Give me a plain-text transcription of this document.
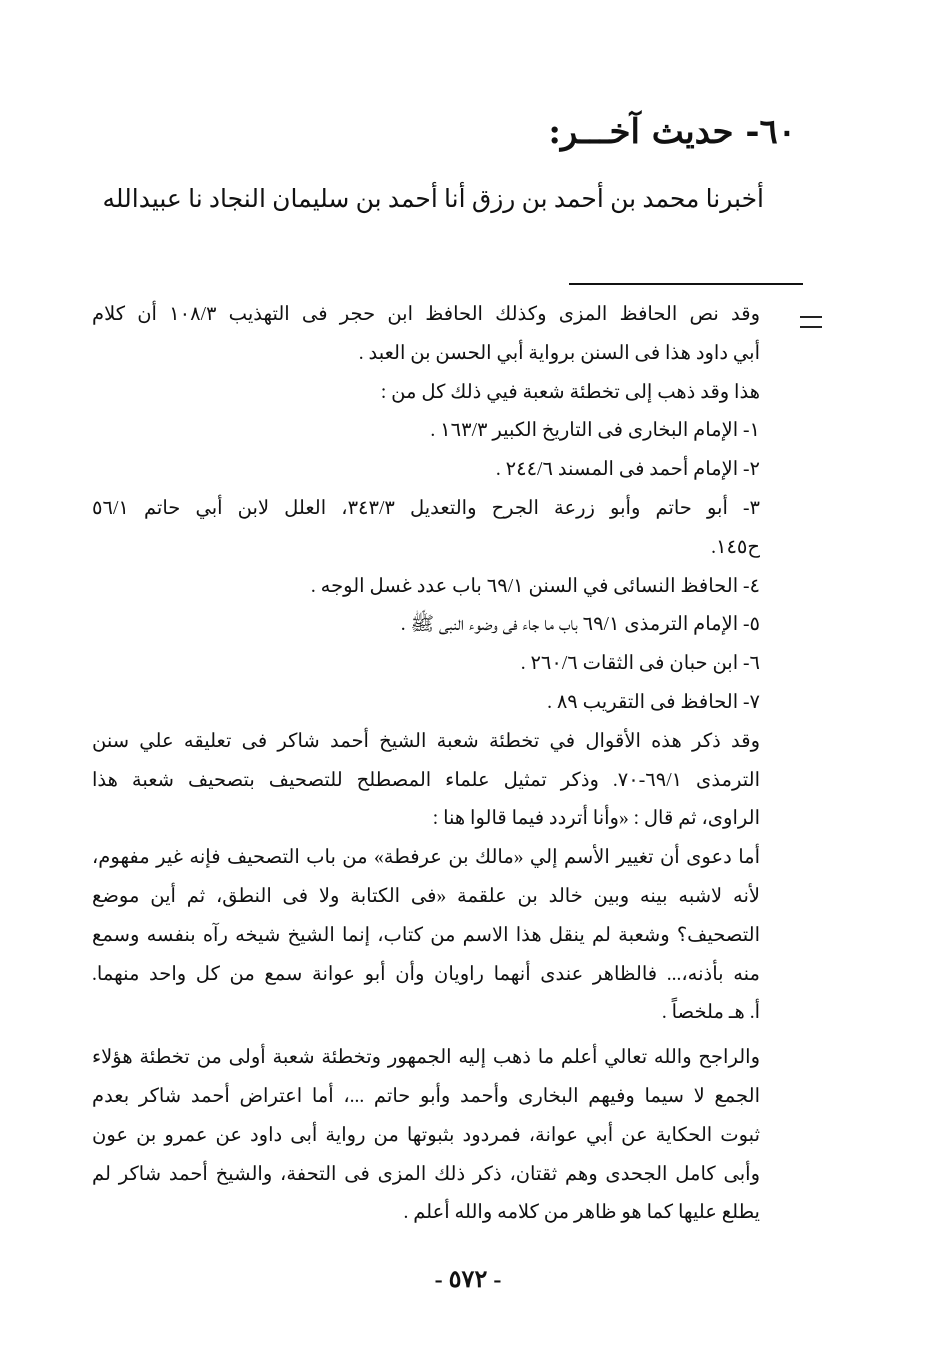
٦٠- حديث آخـــر:
أخبرنا محمد بن أحمد بن رزق أنا أحمد بن سليمان النجاد نا عبيدالله
وقد نص الحافظ المزى وكذلك الحافظ ابن حجر فى التهذيب ١٠٨/٣ أن كلام
أبي داود هذا فى السنن برواية أبي الحسن بن العبد .
هذا وقد ذهب إلى تخطئة شعبة فيي ذلك كل من :
١- الإمام البخارى فى التاريخ الكبير ١٦٣/٣ .
٢- الإمام أحمد فى المسند ٢٤٤/٦ .
٣- أبو حاتم وأبو زرعة الجرح والتعديل ٣٤٣/٣، العلل لابن أبي حاتم ٥٦/١
ح١٤٥.
٤- الحافظ النسائى في السنن ٦٩/١ باب عدد غسل الوجه .
٥- الإمام الترمذى ٦٩/١ باب ما جاء فى وضوء النبى ﷺ .
٦- ابن حبان فى الثقات ٢٦٠/٦ .
٧- الحافظ فى التقريب ٨٩ .
وقد ذكر هذه الأقوال في تخطئة شعبة الشيخ أحمد شاكر فى تعليقه علي سنن
الترمذى ٦٩/١-٧٠. وذكر تمثيل علماء المصطلح للتصحيف بتصحيف شعبة هذا
الراوى، ثم قال : «وأنا أتردد فيما قالوا هنا :
أما دعوى أن تغيير الأسم إلي «مالك بن عرفطة» من باب التصحيف فإنه غير مفهوم،
لأنه لاشبه بينه وبين خالد بن علقمة «فى الكتابة ولا فى النطق، ثم أين موضع
التصحيف؟ وشعبة لم ينقل هذا الاسم من كتاب، إنما الشيخ شيخه رآه بنفسه وسمع
منه بأذنه،... فالظاهر عندى أنهما راويان وأن أبو عوانة سمع من كل واحد منهما.
أ. هـ ملخصاً .
والراجح والله تعالي أعلم ما ذهب إليه الجمهور وتخطئة شعبة أولى من تخطئة هؤلاء
الجمع لا سيما وفيهم البخارى وأحمد وأبو حاتم ...، أما اعتراض أحمد شاكر بعدم
ثبوت الحكاية عن أبي عوانة، فمردود بثبوتها من رواية أبى داود عن عمرو بن عون
وأبى كامل الجحدى وهم ثقتان، ذكر ذلك المزى فى التحفة، والشيخ أحمد شاكر لم
يطلع عليها كما هو ظاهر من كلامه والله أعلم .
- ٥٧٢ -
